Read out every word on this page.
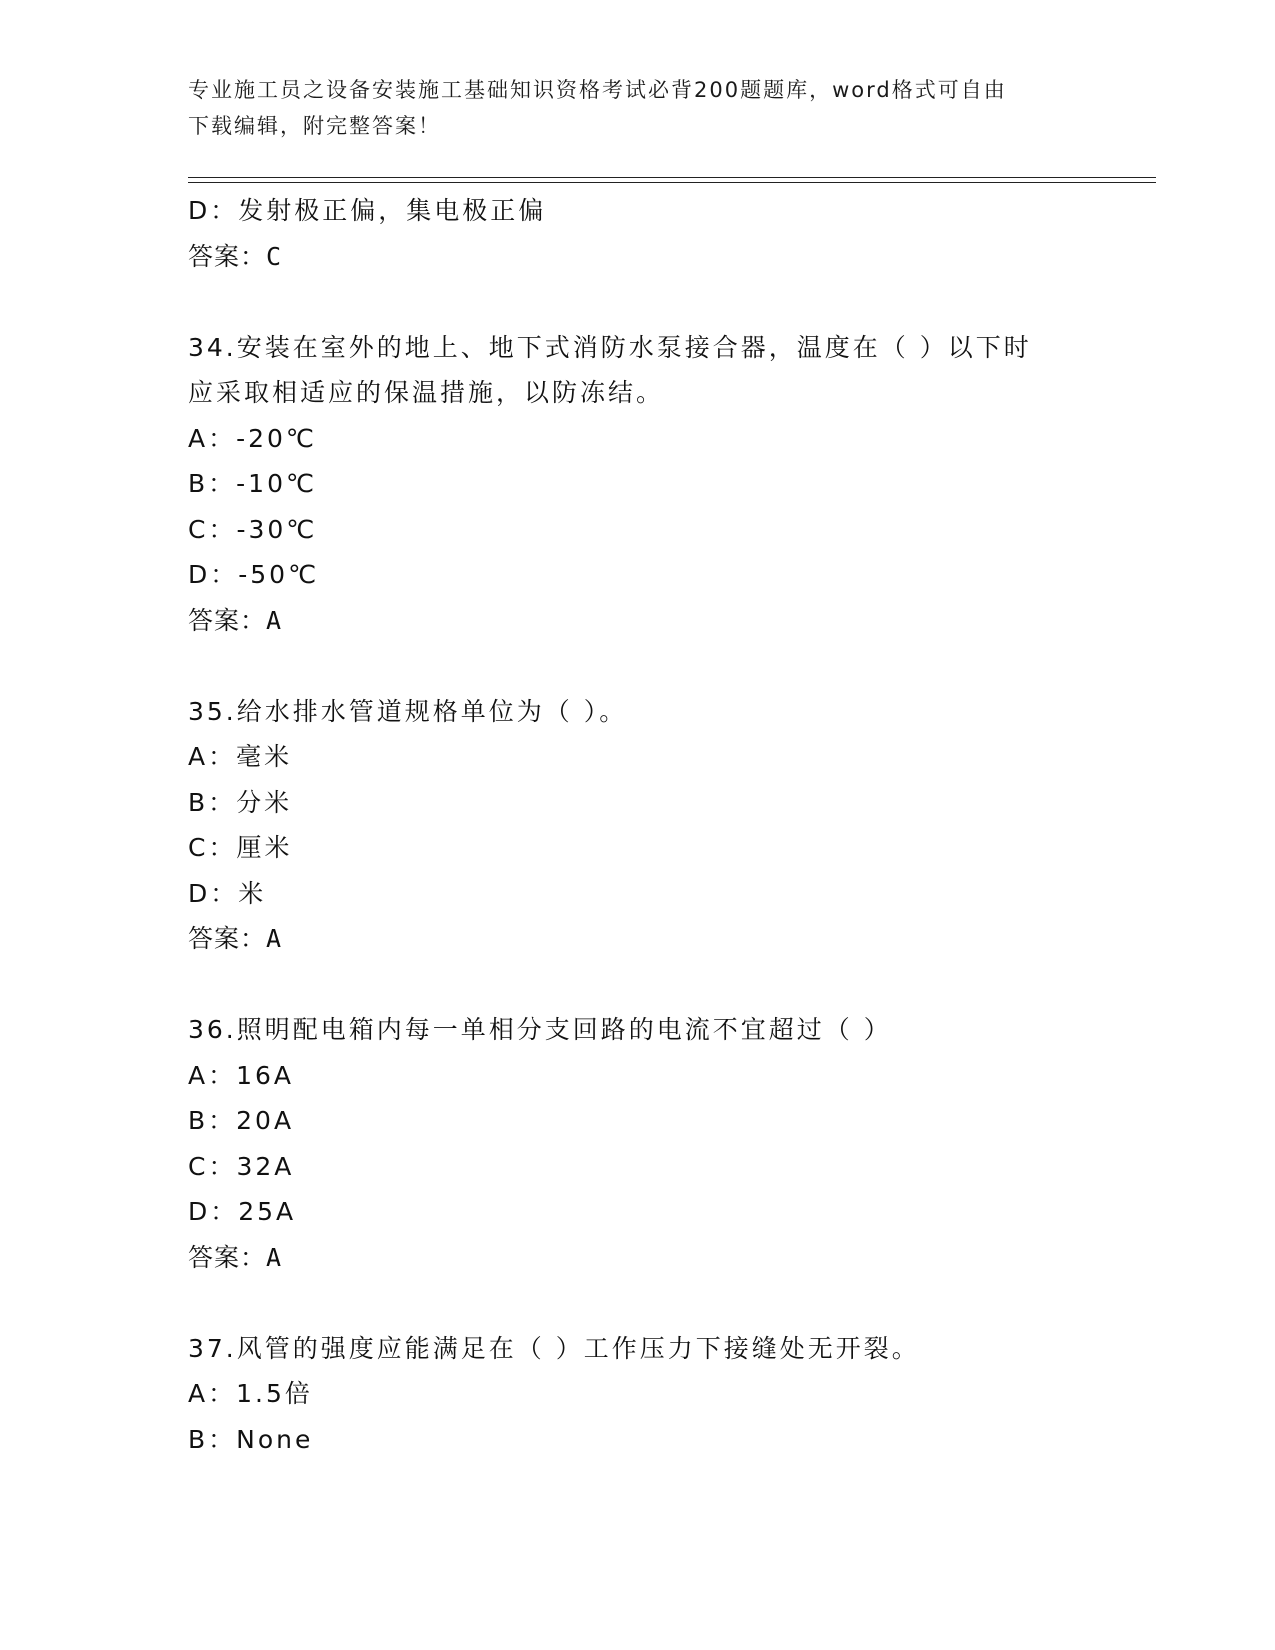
专业施工员之设备安装施工基础知识资格考试必背200题题库，word格式可自由
下载编辑，附完整答案！
D：发射极正偏，集电极正偏
答案：C
34.安装在室外的地上、地下式消防水泵接合器，温度在（ ）以下时
应采取相适应的保温措施，以防冻结。
A：-20℃
B：-10℃
C：-30℃
D：-50℃
答案：A
35.给水排水管道规格单位为（ ）。
A：毫米
B：分米
C：厘米
D：米
答案：A
36.照明配电箱内每一单相分支回路的电流不宜超过（ ）
A：16A
B：20A
C：32A
D：25A
答案：A
37.风管的强度应能满足在（ ）工作压力下接缝处无开裂。
A：1.5倍
B：None
